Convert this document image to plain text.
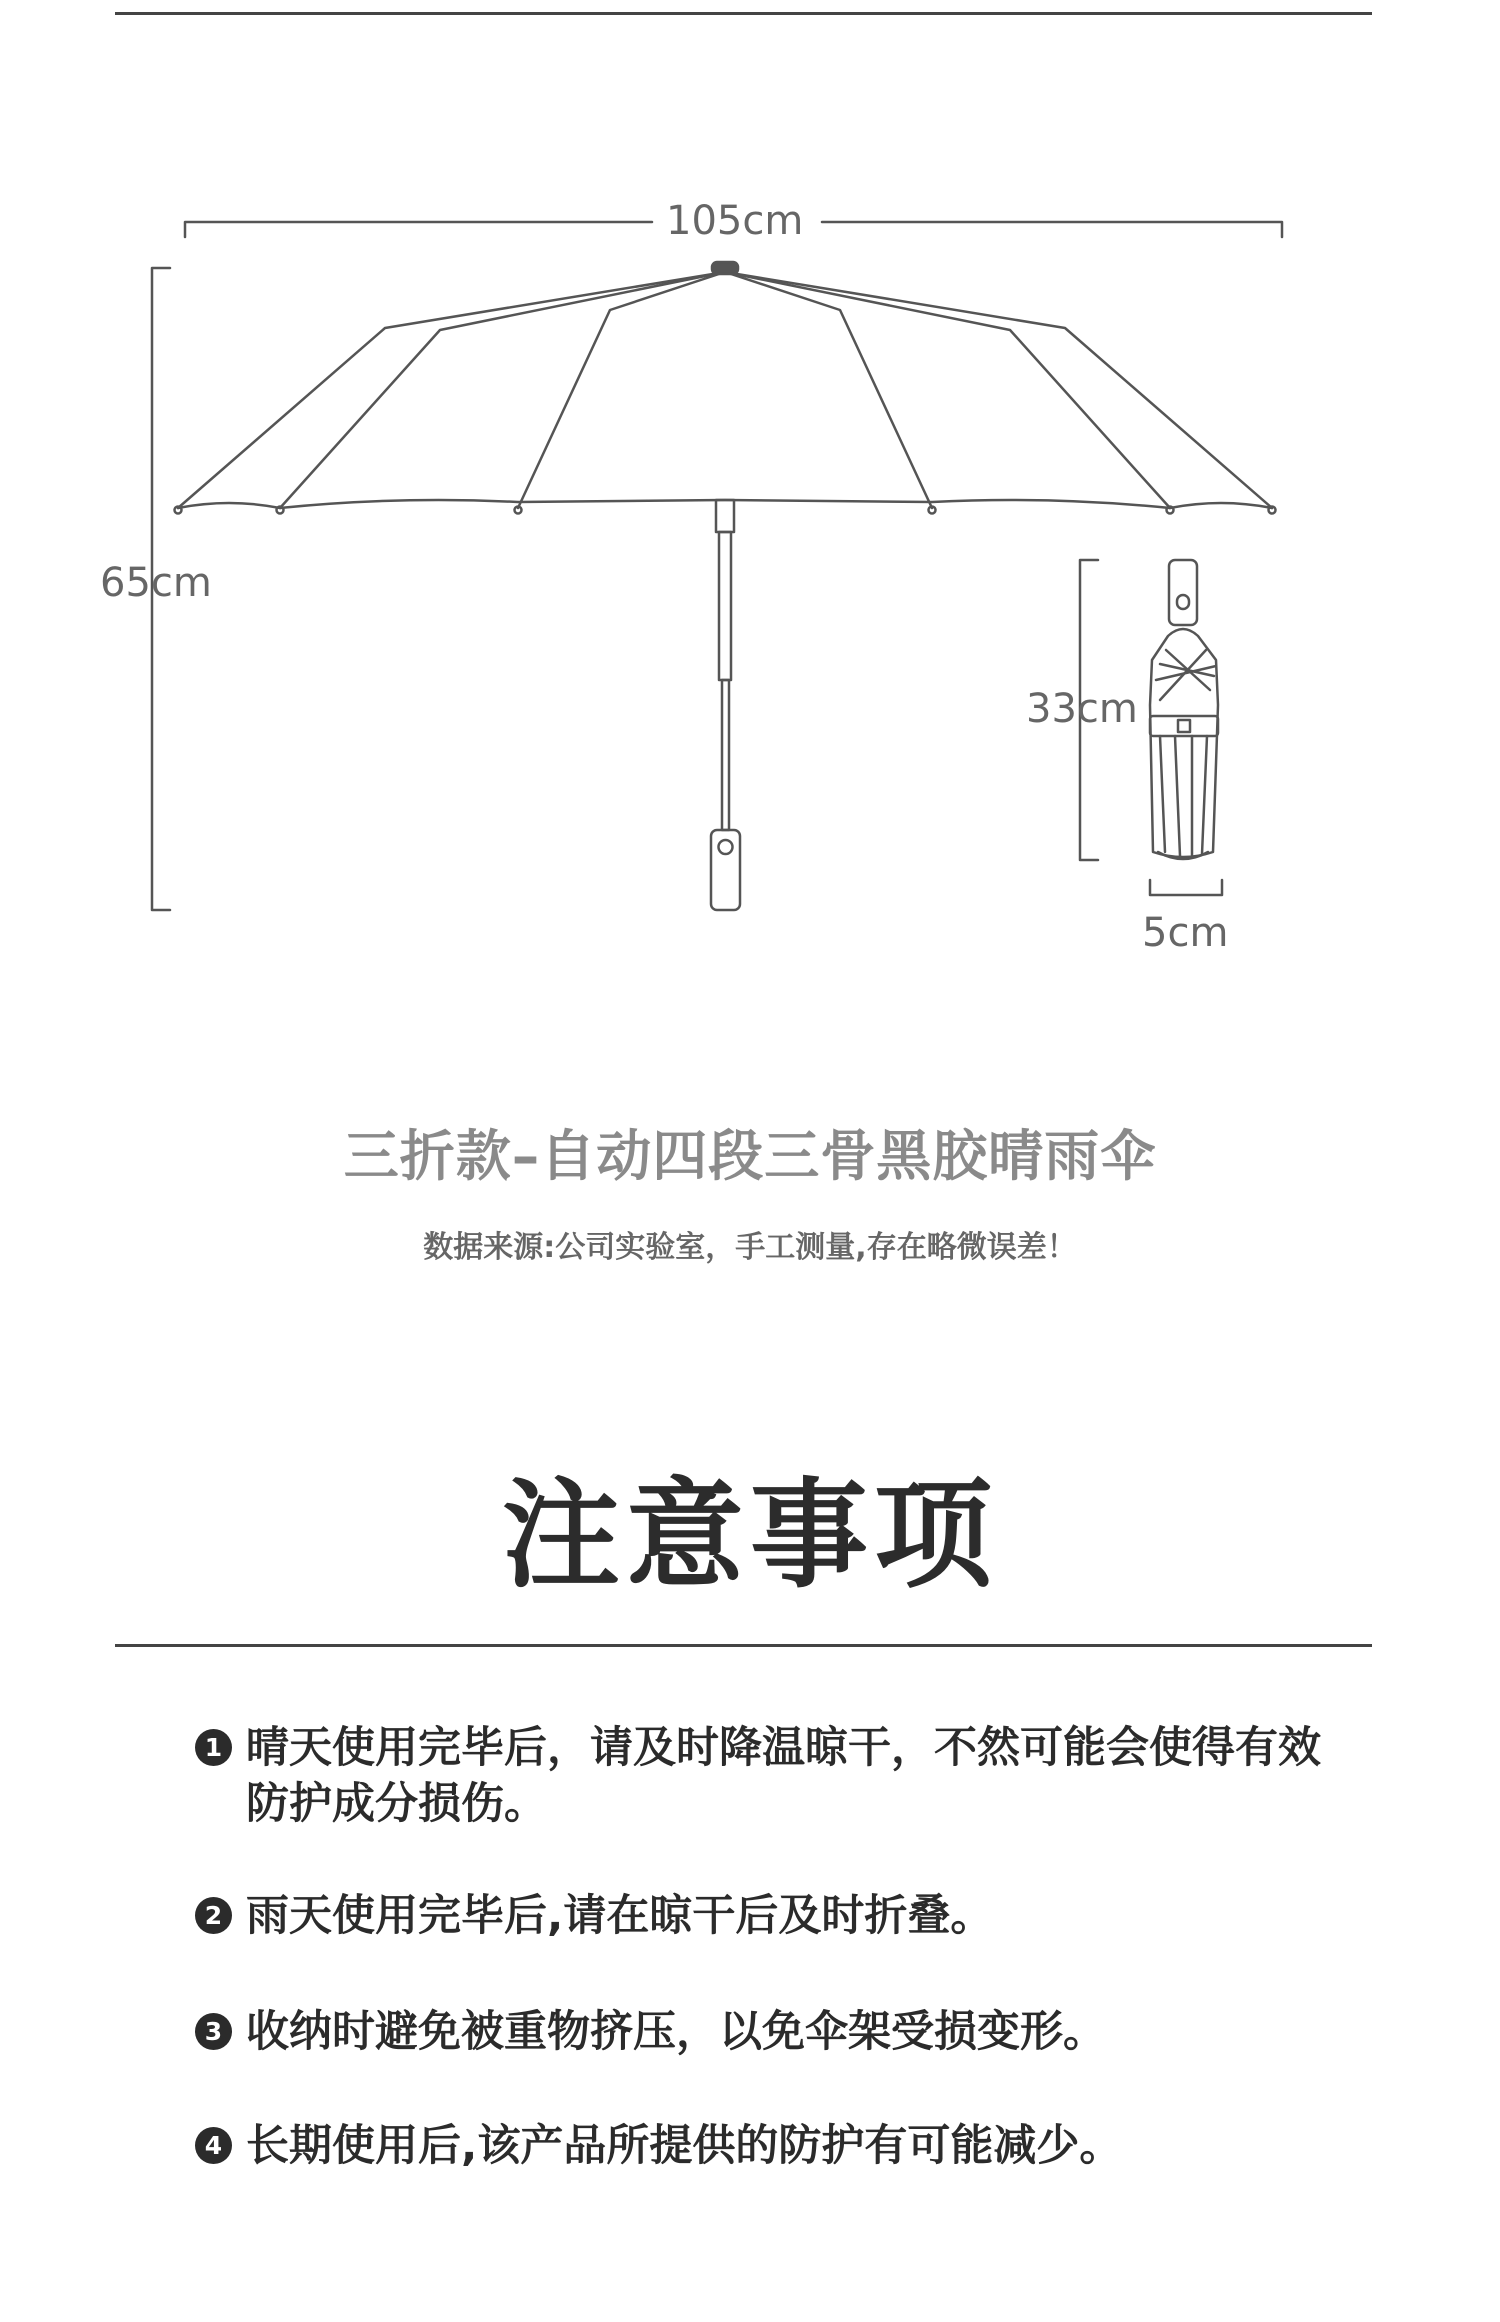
105cm
65cm
33cm
5cm
三折款–自动四段三骨黑胶晴雨伞
数据来源:公司实验室，手工测量,存在略微误差！
注意事项
1 晴天使用完毕后，请及时降温晾干，不然可能会使得有效防护成分损伤。
2 雨天使用完毕后,请在晾干后及时折叠。
3 收纳时避免被重物挤压，以免伞架受损变形。
4 长期使用后,该产品所提供的防护有可能减少。
